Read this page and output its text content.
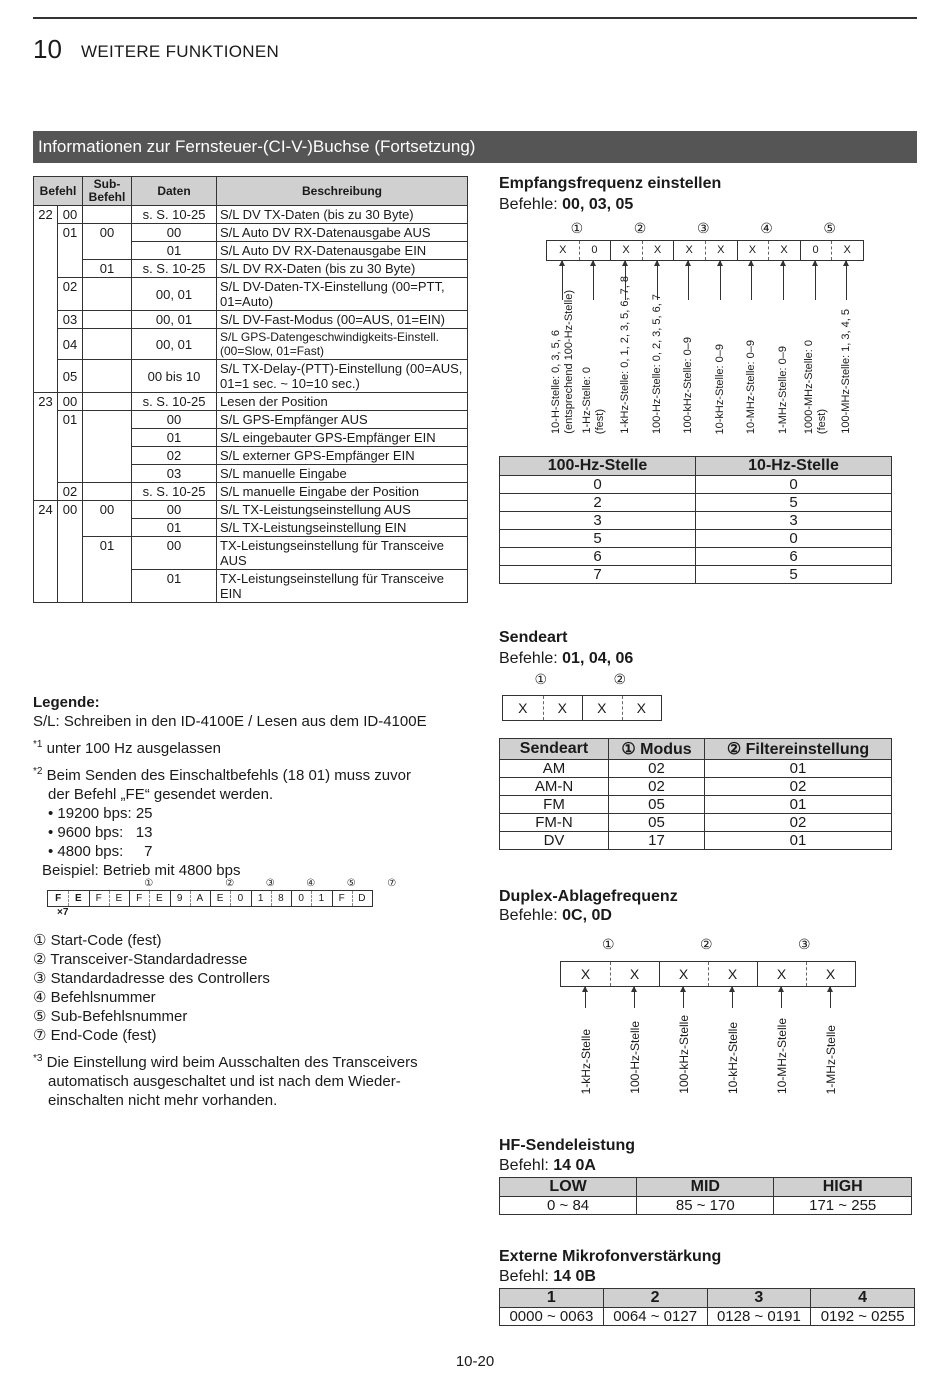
10 WEITERE FUNKTIONEN
Informationen zur Fernsteuer-(CI-V-)Buchse (Fortsetzung)
Befehl		Sub-Befehl	Daten	Beschreibung
22	00		s. S. 10-25	S/L DV TX-Daten (bis zu 30 Byte)
	01	00	00	S/L Auto DV RX-Datenausgabe AUS
			01	S/L Auto DV RX-Datenausgabe EIN
		01	s. S. 10-25	S/L DV RX-Daten (bis zu 30 Byte)
	02		00, 01	S/L DV-Daten-TX-Einstellung (00=PTT, 01=Auto)
	03		00, 01	S/L DV-Fast-Modus (00=AUS, 01=EIN)
	04		00, 01	S/L GPS-Datengeschwindigkeits-Einstell. (00=Slow, 01=Fast)
	05		00 bis 10	S/L TX-Delay-(PTT)-Einstellung (00=AUS, 01=1 sec. ~ 10=10 sec.)
23	00		s. S. 10-25	Lesen der Position
	01		00	S/L GPS-Empfänger AUS
			01	S/L eingebauter GPS-Empfänger EIN
			02	S/L externer GPS-Empfänger EIN
			03	S/L manuelle Eingabe
	02		s. S. 10-25	S/L manuelle Eingabe der Position
24	00	00	00	S/L TX-Leistungseinstellung AUS
			01	S/L TX-Leistungseinstellung EIN
		01	00	TX-Leistungseinstellung für Transceive AUS
			01	TX-Leistungseinstellung für Transceive EIN
Legende:
S/L: Schreiben in den ID-4100E / Lesen aus dem ID-4100E
$^{*1}$ unter 100 Hz ausgelassen
$^{*2}$ Beim Senden des Einschaltbefehls (18 01) muss zuvor
der Befehl „FE“ gesendet werden.
• 19200 bps: 25
• 9600 bps:   13
• 4800 bps:     7
Beispiel: Betrieb mit 4800 bps
①	②	③	④	⑤	⑦
F	E	F	E	F	E	9	A	E	0	1	8	0	1	F	D
×7
① Start-Code (fest)
② Transceiver-Standardadresse
③ Standardadresse des Controllers
④ Befehlsnummer
⑤ Sub-Befehlsnummer
⑦ End-Code (fest)
$^{*3}$ Die Einstellung wird beim Ausschalten des Transceivers
automatisch ausgeschaltet und ist nach dem Wieder-
einschalten nicht mehr vorhanden.
Empfangsfrequenz einstellen
Befehle: 00, 03, 05
X	0	X	X	X	X	X	X	0	X
①	②	③	④	⑤
10-H-Stelle: 0, 3, 5, 6 (entsprechend 100-Hz-Stelle) 1-Hz-Stelle: 0 (fest) 1-kHz-Stelle: 0, 1, 2, 3, 5, 6, 7, 8 100-Hz-Stelle: 0, 2, 3, 5, 6, 7 100-kHz-Stelle: 0–9 10-kHz-Stelle: 0–9 10-MHz-Stelle: 0–9 1-MHz-Stelle: 0–9 1000-MHz-Stelle: 0 (fest) 100-MHz-Stelle: 1, 3, 4, 5
100-Hz-Stelle	10-Hz-Stelle
0	0
2	5
3	3
5	0
6	6
7	5
Sendeart
Befehle: 01, 04, 06
X	X	X	X
①	②
Sendeart	① Modus	② Filtereinstellung
AM	02	01
AM-N	02	02
FM	05	01
FM-N	05	02
DV	17	01
Duplex-Ablagefrequenz
Befehle: 0C, 0D
X	X	X	X	X	X
①	②	③
1-kHz-Stelle	100-Hz-Stelle	100-kHz-Stelle	10-kHz-Stelle	10-MHz-Stelle	1-MHz-Stelle
HF-Sendeleistung
Befehl: 14 0A
LOW	MID	HIGH
0 ~ 84	85 ~ 170	171 ~ 255
Externe Mikrofonverstärkung
Befehl: 14 0B
1	2	3	4
0000 ~ 0063	0064 ~ 0127	0128 ~ 0191	0192 ~ 0255
10-20
